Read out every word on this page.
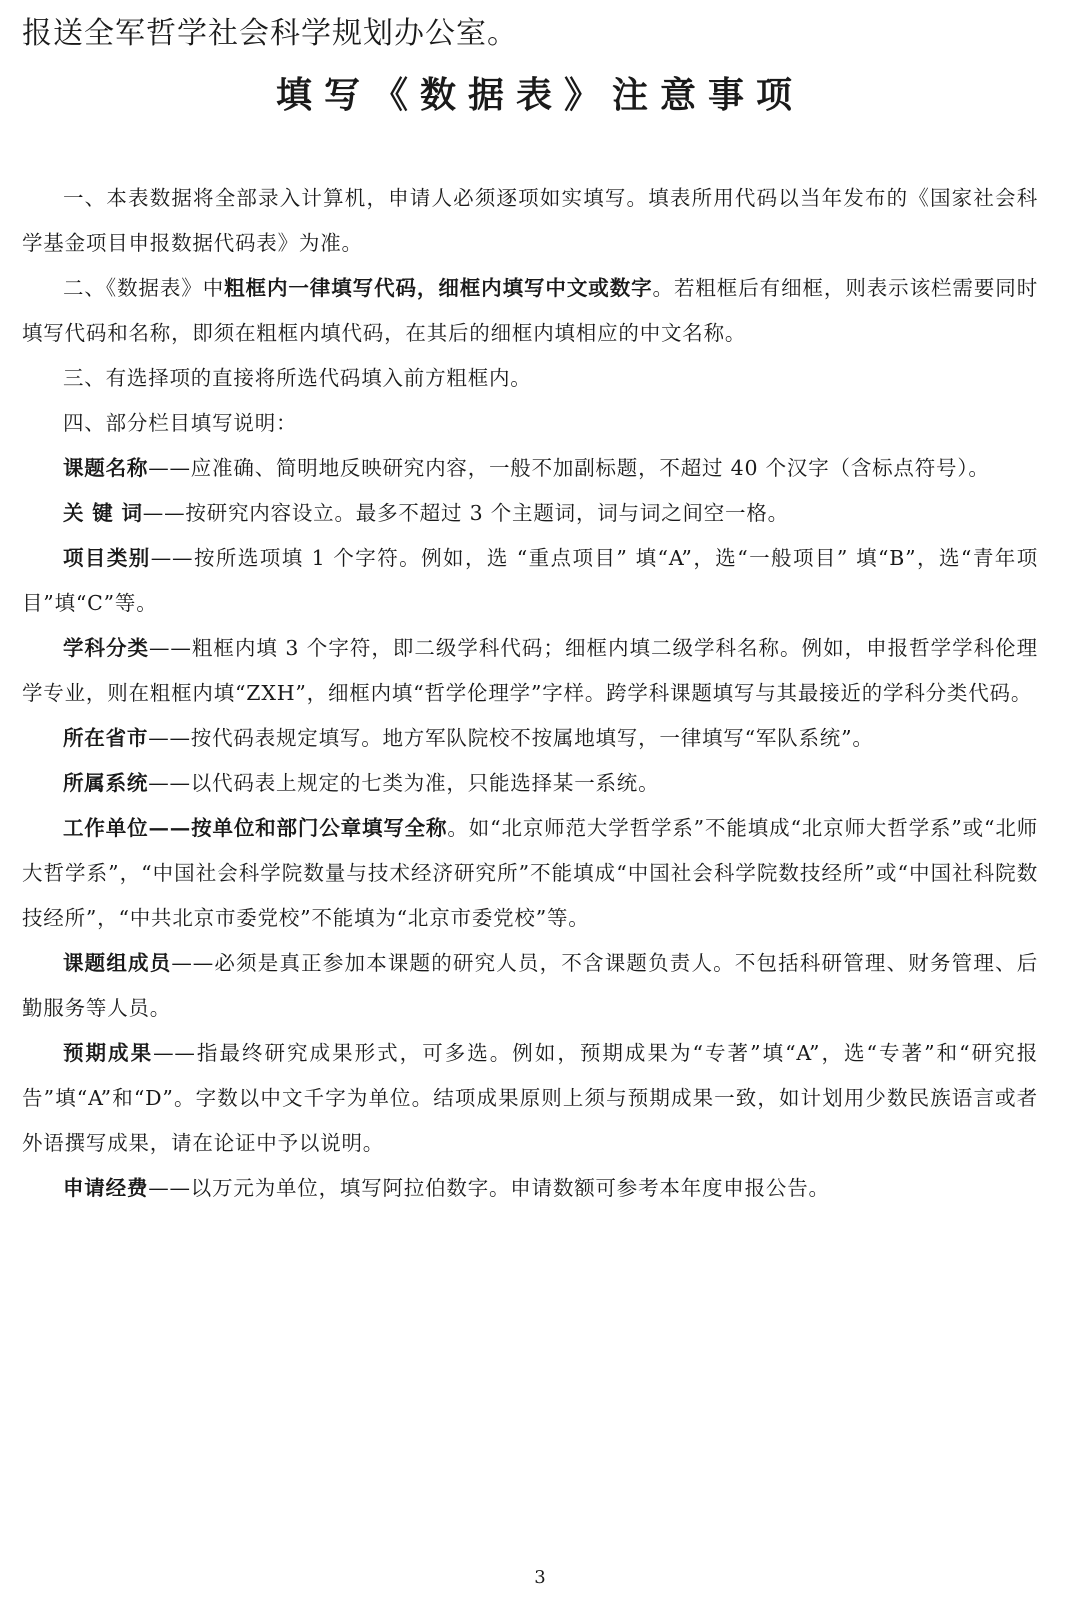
报送全军哲学社会科学规划办公室。
填写《数据表》注意事项

一、本表数据将全部录入计算机，申请人必须逐项如实填写。填表所用代码以当年发布的《国家社会科学基金项目申报数据代码表》为准。

二、《数据表》中粗框内一律填写代码，细框内填写中文或数字。若粗框后有细框，则表示该栏需要同时填写代码和名称，即须在粗框内填代码，在其后的细框内填相应的中文名称。

三、有选择项的直接将所选代码填入前方粗框内。

四、部分栏目填写说明：

课题名称——应准确、简明地反映研究内容，一般不加副标题，不超过 40 个汉字（含标点符号）。

关 键 词——按研究内容设立。最多不超过 3 个主题词，词与词之间空一格。

项目类别——按所选项填 1 个字符。例如，选 “重点项目” 填“A”，选“一般项目” 填“B”，选“青年项目”填“C”等。

学科分类——粗框内填 3 个字符，即二级学科代码；细框内填二级学科名称。例如，申报哲学学科伦理学专业，则在粗框内填“ZXH”，细框内填“哲学伦理学”字样。跨学科课题填写与其最接近的学科分类代码。

所在省市——按代码表规定填写。地方军队院校不按属地填写，一律填写“军队系统”。

所属系统——以代码表上规定的七类为准，只能选择某一系统。

工作单位——按单位和部门公章填写全称。如“北京师范大学哲学系”不能填成“北京师大哲学系”或“北师大哲学系”，“中国社会科学院数量与技术经济研究所”不能填成“中国社会科学院数技经所”或“中国社科院数技经所”，“中共北京市委党校”不能填为“北京市委党校”等。

课题组成员——必须是真正参加本课题的研究人员，不含课题负责人。不包括科研管理、财务管理、后勤服务等人员。

预期成果——指最终研究成果形式，可多选。例如，预期成果为“专著”填“A”，选“专著”和“研究报告”填“A”和“D”。字数以中文千字为单位。结项成果原则上须与预期成果一致，如计划用少数民族语言或者外语撰写成果，请在论证中予以说明。

申请经费——以万元为单位，填写阿拉伯数字。申请数额可参考本年度申报公告。

3
